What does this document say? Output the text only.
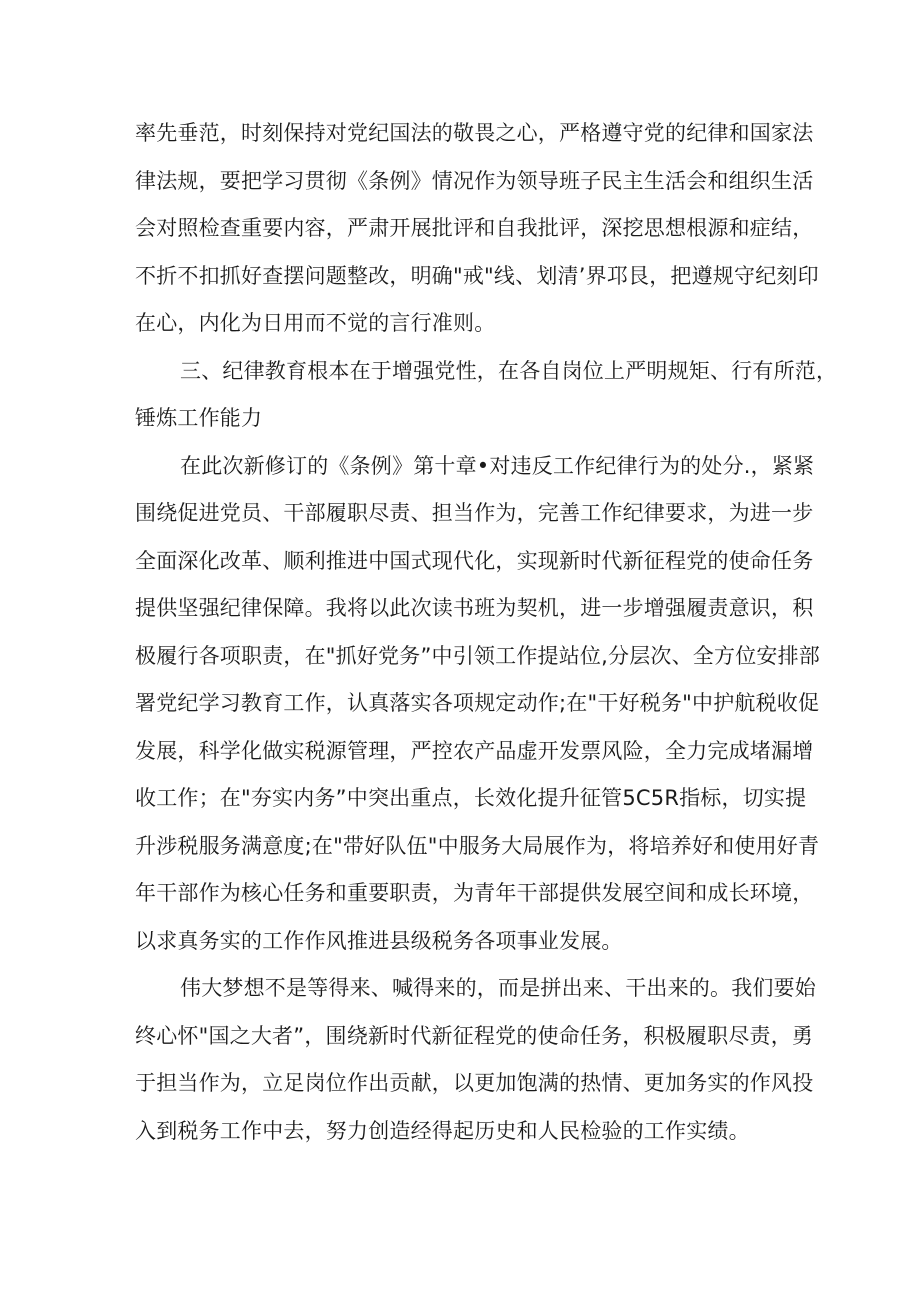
率先垂范，时刻保持对党纪国法的敬畏之心，严格遵守党的纪律和国家法
律法规，要把学习贯彻《条例》情况作为领导班子民主生活会和组织生活
会对照检查重要内容，严肃开展批评和自我批评，深挖思想根源和症结，
不折不扣抓好查摆问题整改，明确"戒"线、划清’界邛艮，把遵规守纪刻印
在心，内化为日用而不觉的言行准则。
三、纪律教育根本在于增强党性，在各自岗位上严明规矩、行有所范，
锤炼工作能力
在此次新修订的《条例》第十章•对违反工作纪律行为的处分.，紧紧
围绕促进党员、干部履职尽责、担当作为，完善工作纪律要求，为进一步
全面深化改革、顺利推进中国式现代化，实现新时代新征程党的使命任务
提供坚强纪律保障。我将以此次读书班为契机，进一步增强履责意识，积
极履行各项职责，在"抓好党务”中引领工作提站位,分层次、全方位安排部
署党纪学习教育工作，认真落实各项规定动作;在"干好税务"中护航税收促
发展，科学化做实税源管理，严控农产品虚开发票风险，全力完成堵漏增
收工作；在"夯实内务”中突出重点，长效化提升征管5C5R指标，切实提
升涉税服务满意度;在"带好队伍"中服务大局展作为，将培养好和使用好青
年干部作为核心任务和重要职责，为青年干部提供发展空间和成长环境，
以求真务实的工作作风推进县级税务各项事业发展。
伟大梦想不是等得来、喊得来的，而是拼出来、干出来的。我们要始
终心怀"国之大者”，围绕新时代新征程党的使命任务，积极履职尽责，勇
于担当作为，立足岗位作出贡献，以更加饱满的热情、更加务实的作风投
入到税务工作中去，努力创造经得起历史和人民检验的工作实绩。
